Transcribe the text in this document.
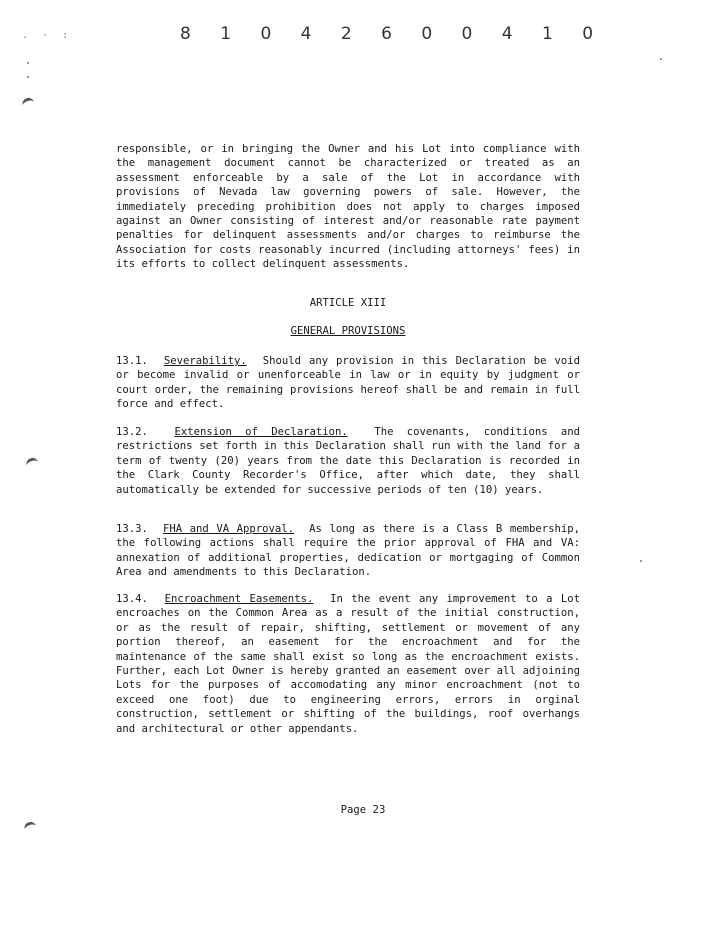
. · :	8 1 0 4 2 6 0 0 4 1 0

responsible, or in bringing the Owner and his Lot into compliance with the management document cannot be characterized or treated as an assessment enforceable by a sale of the Lot in accordance with provisions of Nevada law governing powers of sale. However, the immediately preceding prohibition does not apply to charges imposed against an Owner consisting of interest and/or reasonable rate payment penalties for delinquent assessments and/or charges to reimburse the Association for costs reasonably incurred (including attorneys' fees) in its efforts to collect delinquent assessments.

ARTICLE XIII

GENERAL PROVISIONS

13.1. Severability. Should any provision in this Declaration be void or become invalid or unenforceable in law or in equity by judgment or court order, the remaining provisions hereof shall be and remain in full force and effect.

13.2.	Extension of Declaration.	The covenants, conditions and restrictions set forth in this Declaration shall run with the land for a term of twenty (20) years from the date this Declaration is recorded in the Clark County Recorder's Office, after which date, they shall automatically be extended for successive periods of ten (10) years.

13.3. FHA and VA Approval. As long as there is a Class B membership, the following actions shall require the prior approval of FHA and VA: annexation of additional properties, dedication or mortgaging of Common Area and amendments to this Declaration.

13.4. Encroachment Easements. In the event any improvement to a Lot encroaches on the Common Area as a result of the initial construction, or as the result of repair, shifting, settlement or movement of any portion thereof, an easement for the encroachment and for the maintenance of the same shall exist so long as the encroachment exists. Further, each Lot Owner is hereby granted an easement over all adjoining Lots for the purposes of accomodating any minor encroachment (not to exceed one foot) due to engineering errors, errors in orginal construction, settlement or shifting of the buildings, roof overhangs and architectural or other appendants.

Page 23
